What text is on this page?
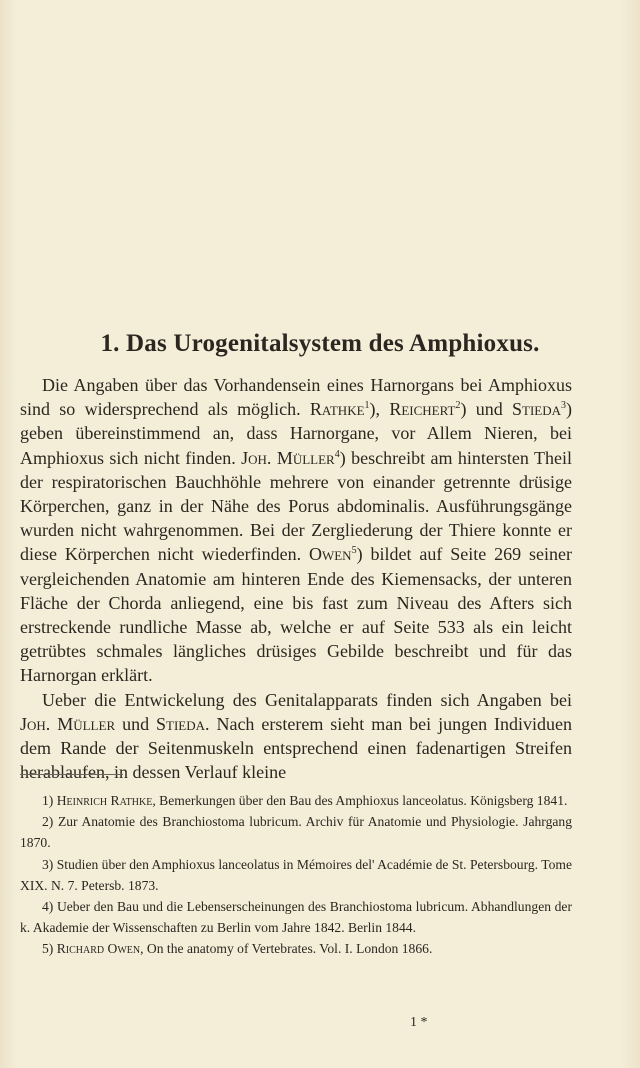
1. Das Urogenitalsystem des Amphioxus.

Die Angaben über das Vorhandensein eines Harnorgans bei Amphioxus sind so widersprechend als möglich. Rathke$^1$), Reichert$^2$) und Stieda$^3$) geben übereinstimmend an, dass Harnorgane, vor Allem Nieren, bei Amphioxus sich nicht finden. Joh. Müller$^4$) beschreibt am hintersten Theil der respiratorischen Bauchhöhle mehrere von einander getrennte drüsige Körperchen, ganz in der Nähe des Porus abdominalis. Ausführungsgänge wurden nicht wahrgenommen. Bei der Zergliederung der Thiere konnte er diese Körperchen nicht wiederfinden. Owen$^5$) bildet auf Seite 269 seiner vergleichenden Anatomie am hinteren Ende des Kiemensacks, der unteren Fläche der Chorda anliegend, eine bis fast zum Niveau des Afters sich erstreckende rundliche Masse ab, welche er auf Seite 533 als ein leicht getrübtes schmales längliches drüsiges Gebilde beschreibt und für das Harnorgan erklärt.

Ueber die Entwickelung des Genitalapparats finden sich Angaben bei Joh. Müller und Stieda. Nach ersterem sieht man bei jungen Individuen dem Rande der Seitenmuskeln entsprechend einen fadenartigen Streifen herablaufen, in dessen Verlauf kleine

1) Heinrich Rathke, Bemerkungen über den Bau des Amphioxus lanceolatus. Königsberg 1841.

2) Zur Anatomie des Branchiostoma lubricum. Archiv für Anatomie und Physiologie. Jahrgang 1870.

3) Studien über den Amphioxus lanceolatus in Mémoires del' Académie de St. Petersbourg. Tome XIX. N. 7. Petersb. 1873.

4) Ueber den Bau und die Lebenserscheinungen des Branchiostoma lubricum. Abhandlungen der k. Akademie der Wissenschaften zu Berlin vom Jahre 1842. Berlin 1844.

5) Richard Owen, On the anatomy of Vertebrates. Vol. I. London 1866.

1 *
